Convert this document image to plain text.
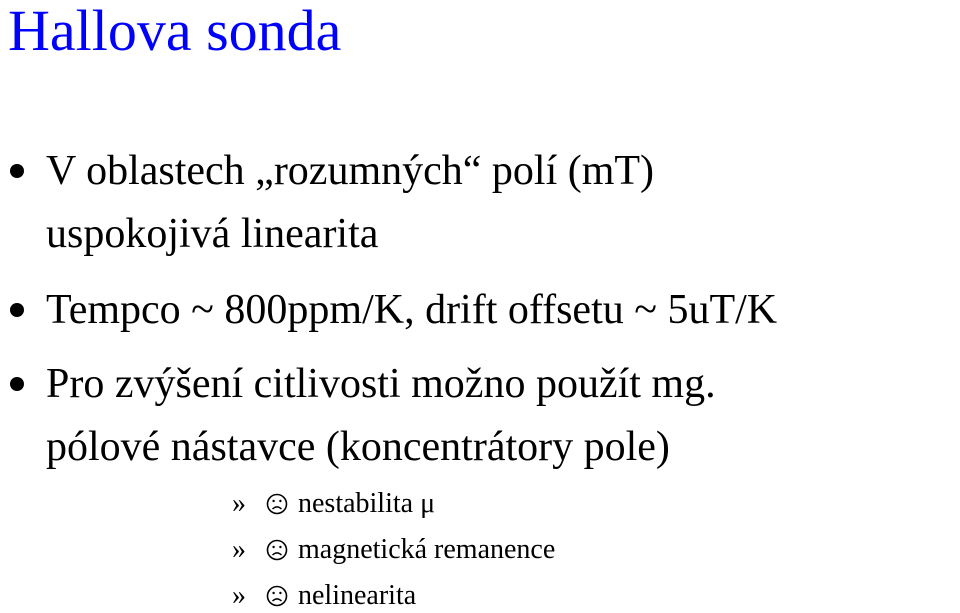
Hallova sonda
V oblastech „rozumných“ polí (mT)
uspokojivá linearita
Tempco ~ 800ppm/K, drift offsetu ~ 5uT/K
Pro zvýšení citlivosti možno použít mg.
pólové nástavce (koncentrátory pole)
» nestabilita μ
» magnetická remanence
» nelinearita
